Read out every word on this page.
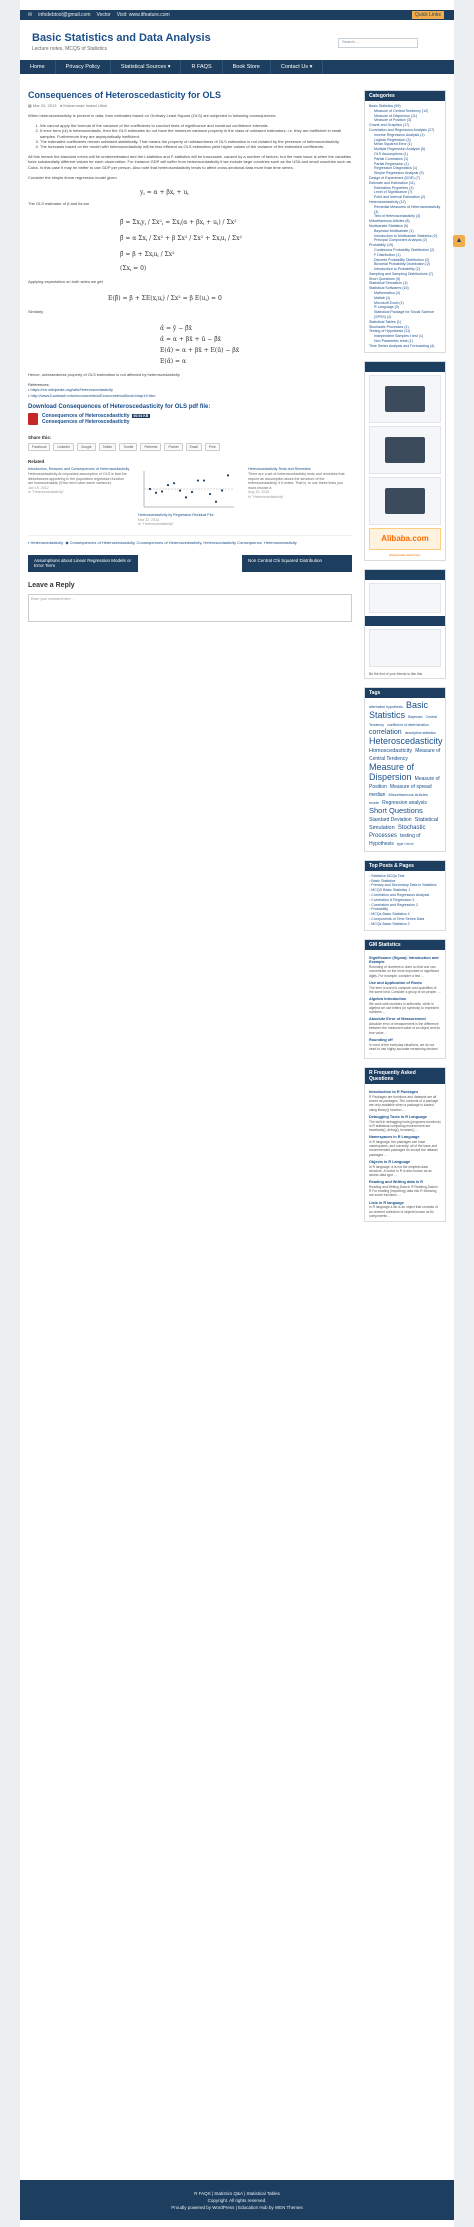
✉ infodebtool@gmail.com Vector Visit: www.itfeature.com	Quick Links
Basic Statistics and Data Analysis
Lecture notes, MCQS of Statistics
Search ...
Home	Privacy Policy	Statistical Sources ▾	R FAQS	Book Store	Contact Us ▾
Consequences of Heteroscedasticity for OLS
▦ Mar 20, 2013 ● Muhammad Imdad Ullah
When heteroscedasticity is present in data, then estimates based on Ordinary Least Square (OLS) are subjected to following consequences:
1. We cannot apply the formula of the variance of the coefficients to conduct tests of significance and construct confidence intervals.
2. If error term (ui) is heteroscedastic, then the OLS estimates do not have the minimum variance property in the class of unbiased estimators, i.e. they are inefficient in small samples. Furthermore they are asymptotically inefficient.
3. The estimated coefficients remain unbiased statistically. That means the property of unbiasedness of OLS estimation is not violated by the presence of heteroscedasticity.
4. The forecasts based on the model with heteroscedasticity will be less efficient as OLS estimation yield higher values of the variance of the estimated coefficients.
All this means the standard errors will be underestimated and the t-statistics and F-statistics will be inaccurate, caused by a number of factors, but the main issue is when the variables have substantially different values for each observation. For instance GDP will suffer from heteroscedasticity if we include large countries such as the USA and small countries such as Cuba. In this case it may be better to use GDP per person. Also note that heteroscedasticity tends to affect cross-sectional data more than time series.
Consider the simple linear regression model given
yi = α + βxi + ui
The OLS estimator of β and its are
β̂ = Σxiyi / $\Sigma x^2_i = \Sigma xi(\alpha + \beta xi + ui) / \Sigma x^2$
β̂ = α Σxi / Σx² + β Σx² / Σx² + Σxiui / Σx²
β̂ = β + Σxiui / Σx²
(Σxi = 0)
Applying expectation on both sides we get
E(β̂) = β + ΣE(xiui) / Σx² = β E(ui) = 0
Similarly
α̂ = ȳ − β̂x̄
α̂ = α + βx̄ + ū − β̂x̄
E(α̂) = α + βx̄ + E(ū) − βx̄
E(α̂) = α
Hence, unbiasedness property of OLS estimation is not affected by heteroscedasticity.
References:
• https://en.wikipedia.org/wiki/Heteroscedasticity
• http://www3.wabash.edu/econometrics/EconometricsBook/chap19.htm
Download Consequences of Heteroscedasticity for OLS pdf file:
Consequences of Heteroscedasticity 60.94 KB
Consequences of Heteroscedasticity
Share this:
Facebook	LinkedIn	Google	Twitter	Tumblr	Pinterest	Pocket	Email	Print
Related
Introduction, Reasons and Consequences of Heteroscedasticity
Heteroscedasticity An important assumption of OLS is that the disturbances appearing in the population regression function are homoscedastic (Error term have same variance).
Jan 15, 2012
In "Heteroscedasticity"
Heteroscedasticity by Regression Residual Plot
Mar 22, 2014
In "Heteroscedasticity"
Heteroscedasticity Tests and Remedies
There are a set of heteroscedasticity tests and remedies that require an assumption about the structure of the heteroscedasticity, if it exists. That is, to use these tests you must choose a
Aug 10, 2016
In "Heteroscedasticity"
▪ Heteroscedasticity ◆ Consequences of Heteroscedasticity, Consequences of Heteroscedasticity, Heteroscedasticity Consequence, Heteroscedasticity
Assumptions about Linear Regression Models or Error Term
Non Central Chi Squared Distribution
Leave a Reply
Enter your comment here...
Categories
Basic Statistics (59)
Measure of Central Tendency (12)
Measure of Dispersion (11)
Measure of Position (3)
Charts and Graphics (17)
Correlation and Regression Analysis (27)
Inverse Regression Analysis (1)
Logistic Regression (3)
Mean Squared Error (1)
Multiple Regression Analysis (5)
OLS Assumptions (1)
Partial Correlation (1)
Partial Regression (1)
Regression Diagnostics (1)
Simple Regression Analysis (9)
Design of Experiment (DOE) (7)
Estimate and Estimation (11)
Estimation Properties (3)
Level of Significance (7)
Point and Interval Estimation (2)
Heteroscedasticity (12)
Remedial Measures of Heteroscedasticity (3)
Test of Heteroscedasticity (3)
Miscellaneous Articles (8)
Multivariate Statistics (5)
Bayesian Multivariate (1)
Introduction to Multivariate Statistics (2)
Principal Component Analysis (2)
Probability (19)
Continuous Probability Distribution (2)
F Distribution (1)
Discrete Probability Distribution (2)
Binomial Probability Distribution (2)
Introduction to Probability (2)
Sampling and Sampling Distributions (7)
Short Questions (9)
Statistical Simulation (3)
Statistical Softwares (15)
Mathematica (3)
Matlab (1)
Microsoft Excel (1)
R Language (3)
Statistical Package for Social Science (SPSS) (2)
Statistical Tables (1)
Stochastic Processes (1)
Testing of Hypothesis (11)
Independent Samples t test (1)
Non Parametric tests (1)
Time Series Analysis and Forecasting (4)

Alibaba.com
Global trade starts here.

Be the first of your friends to like this
Tags
alternative hypothesis Basic Statistics Bayesian Central Tendency coefficient of determination correlation descriptive statistics Heteroscedasticity Homoscedasticity Measure of Central Tendency Measure of Dispersion Measure of Position Measure of spread median Miscellaneous Articles mode Regression analysis Short Questions Standard Deviation Statistical Simulation Stochastic Processes testing of Hypothesis type I error
Top Posts & Pages
▫ Statistics MCQs Test
▫ Basic Statistics
▫ Primary and Secondary Data in Statistics
▫ MCQS Basic Statistics 1
▫ Correlation and Regression Analysis
▫ Correlation & Regression 3
▫ Correlation and Regression 2
▫ Probability
▫ MCQs Basic Statistics 4
▫ Components of Time Series Data
▫ MCQs Basic Statistics 2
GM Statistics
Significance (Sigma): Introduction and Example
Rounding of numbers is done so that one can concentrate on the more important or significant digits. For example, consider a test ...
Use and Application of Roots
The term is used to compute cost quantities of the same kind. Consider a group of six people. ...
Algebra Introduction
We work with numbers in arithmetic, while in algebra we use letters (or symbols) to represent numbers ...
Absolute Error of Measurement
Absolute error of measurement is the difference between the measured value of an object and its true value ...
Rounding off
In most of the everyday situations, we do not need to use highly accurate measuring devices ...
R Frequently Asked Questions
Introduction to R Packages
R Packages are functions and datasets are all stored as packages. The contents of a package are only available when a package is loaded using library() function ...
Debugging Tools in R Language
The built-in debugging tools (programs functions) in R statistical computing environment are traceback(), debug(), browser() ...
Namespaces in R Language
In R language, the packages can have namespaces, and currently, all of the base and recommended packages do except the dataset packages ...
Objects in R Language
In R language, a is not the simplest data structure. A vector in R is also known as an atomic data type ...
Reading and Writing data in R
Reading and Writing Data in R Reading Data in R For reading (importing) data into R following are some functions ...
Lists in R language
In R language a list is an object that consists of an ordered collection of objects known as its components ...
R FAQS | Statistics Q&A | Statistical Tables
Copyright. All rights reserved.
Proudly powered by WordPress | Education Hub by WEN Themes
▲
